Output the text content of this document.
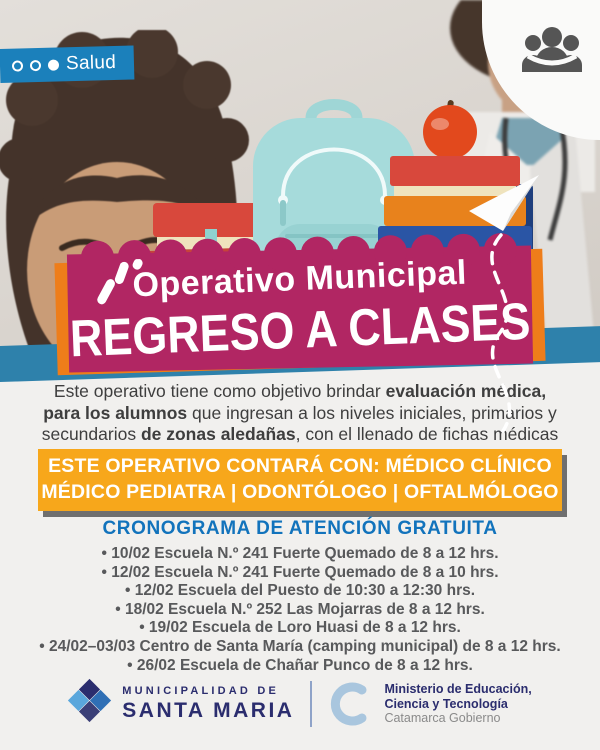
Salud
Operativo Municipal
REGRESO A CLASES
Este operativo tiene como objetivo brindar evaluación médica,
para los alumnos que ingresan a los niveles iniciales, primarios y
secundarios de zonas aledañas, con el llenado de fichas médicas
ESTE OPERATIVO CONTARÁ CON: MÉDICO CLÍNICO
MÉDICO PEDIATRA | ODONTÓLOGO | OFTALMÓLOGO
CRONOGRAMA DE ATENCIÓN GRATUITA
• 10/02 Escuela N.º 241 Fuerte Quemado de 8 a 12 hrs.
• 12/02 Escuela N.º 241 Fuerte Quemado de 8 a 10 hrs.
• 12/02 Escuela del Puesto de 10:30 a 12:30 hrs.
• 18/02 Escuela N.º 252 Las Mojarras de 8 a 12 hrs.
• 19/02 Escuela de Loro Huasi de 8 a 12 hrs.
• 24/02–03/03 Centro de Santa María (camping municipal) de 8 a 12 hrs.
• 26/02 Escuela de Chañar Punco de 8 a 12 hrs.
MUNICIPALIDAD DE
SANTA MARIA
Ministerio de Educación,
Ciencia y Tecnología
Catamarca Gobierno
